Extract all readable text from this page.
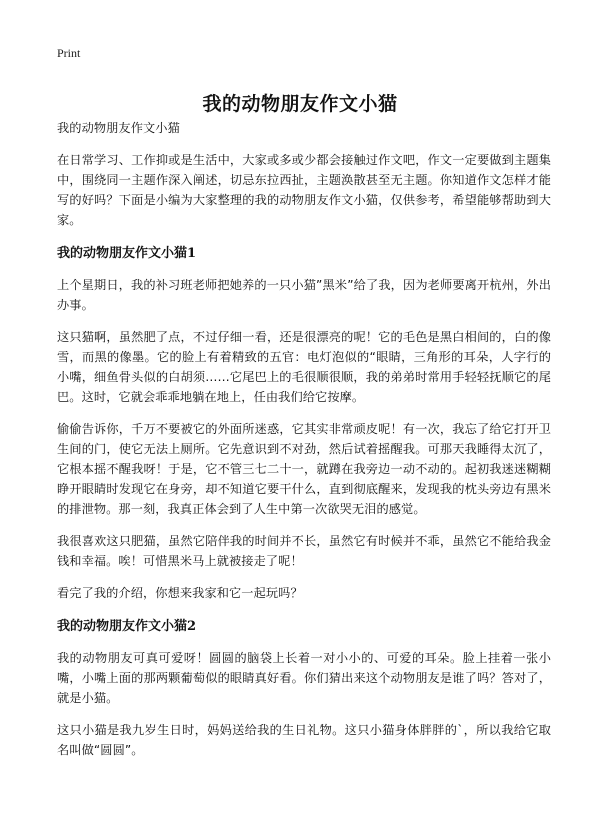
Print
我的动物朋友作文小猫

我的动物朋友作文小猫

在日常学习、工作抑或是生活中，大家或多或少都会接触过作文吧，作文一定要做到主题集中，围绕同一主题作深入阐述，切忌东拉西扯，主题涣散甚至无主题。你知道作文怎样才能写的好吗？下面是小编为大家整理的我的动物朋友作文小猫，仅供参考，希望能够帮助到大家。

我的动物朋友作文小猫1

上个星期日，我的补习班老师把她养的一只小猫”黑米”给了我，因为老师要离开杭州，外出办事。

这只猫啊，虽然肥了点，不过仔细一看，还是很漂亮的呢！它的毛色是黑白相间的，白的像雪，而黑的像墨。它的脸上有着精致的五官：电灯泡似的“眼睛，三角形的耳朵，人字行的小嘴，细鱼骨头似的白胡须……它尾巴上的毛很顺很顺，我的弟弟时常用手轻轻抚顺它的尾巴。这时，它就会乖乖地躺在地上，任由我们给它按摩。

偷偷告诉你，千万不要被它的外面所迷惑，它其实非常顽皮呢！有一次，我忘了给它打开卫生间的门，使它无法上厕所。它先意识到不对劲，然后试着摇醒我。可那天我睡得太沉了，它根本摇不醒我呀！于是，它不管三七二十一，就蹲在我旁边一动不动的。起初我迷迷糊糊睁开眼睛时发现它在身旁，却不知道它要干什么，直到彻底醒来，发现我的枕头旁边有黑米的排泄物。那一刻，我真正体会到了人生中第一次欲哭无泪的感觉。

我很喜欢这只肥猫，虽然它陪伴我的时间并不长，虽然它有时候并不乖，虽然它不能给我金钱和幸福。唉！可惜黑米马上就被接走了呢！

看完了我的介绍，你想来我家和它一起玩吗？

我的动物朋友作文小猫2

我的动物朋友可真可爱呀！圆圆的脑袋上长着一对小小的、可爱的耳朵。脸上挂着一张小嘴，小嘴上面的那两颗葡萄似的眼睛真好看。你们猜出来这个动物朋友是谁了吗？答对了，就是小猫。

这只小猫是我九岁生日时，妈妈送给我的生日礼物。这只小猫身体胖胖的`，所以我给它取名叫做“圆圆”。
